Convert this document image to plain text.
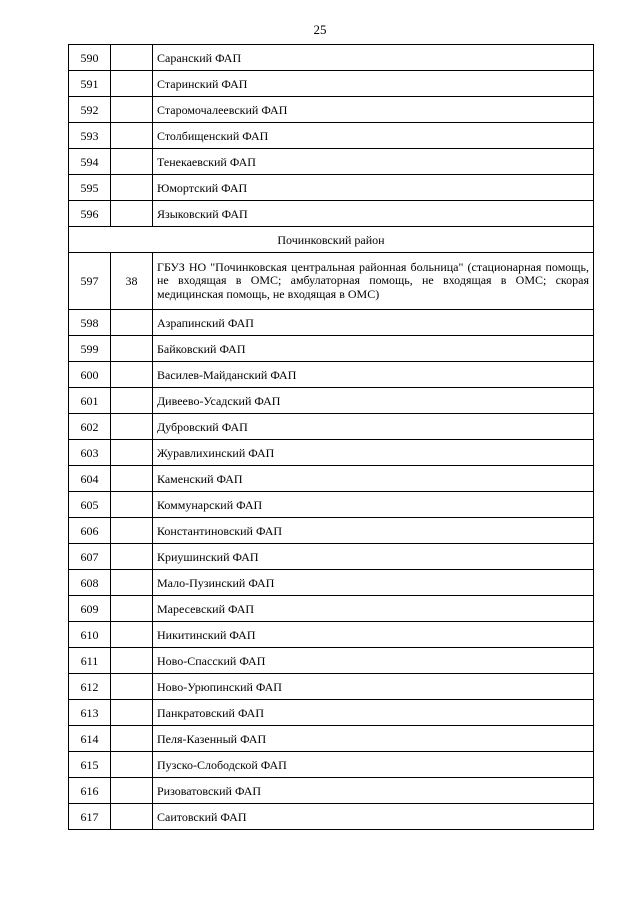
25
590		Саранский ФАП
591		Старинский ФАП
592		Старомочалеевский ФАП
593		Столбищенский ФАП
594		Тенекаевский ФАП
595		Юмортский ФАП
596		Языковский ФАП
Починковский район		
597	38	ГБУЗ НО "Починковская центральная районная больница" (стационарная помощь, не входящая в ОМС; амбулаторная помощь, не входящая в ОМС; скорая медицинская помощь, не входящая в ОМС)
598		Азрапинский ФАП
599		Байковский ФАП
600		Василев-Майданский ФАП
601		Дивеево-Усадский ФАП
602		Дубровский ФАП
603		Журавлихинский ФАП
604		Каменский ФАП
605		Коммунарский ФАП
606		Константиновский ФАП
607		Криушинский ФАП
608		Мало-Пузинский ФАП
609		Маресевский ФАП
610		Никитинский ФАП
611		Ново-Спасский ФАП
612		Ново-Урюпинский ФАП
613		Панкратовский ФАП
614		Пеля-Казенный ФАП
615		Пузско-Слободской ФАП
616		Ризоватовский ФАП
617		Саитовский ФАП
